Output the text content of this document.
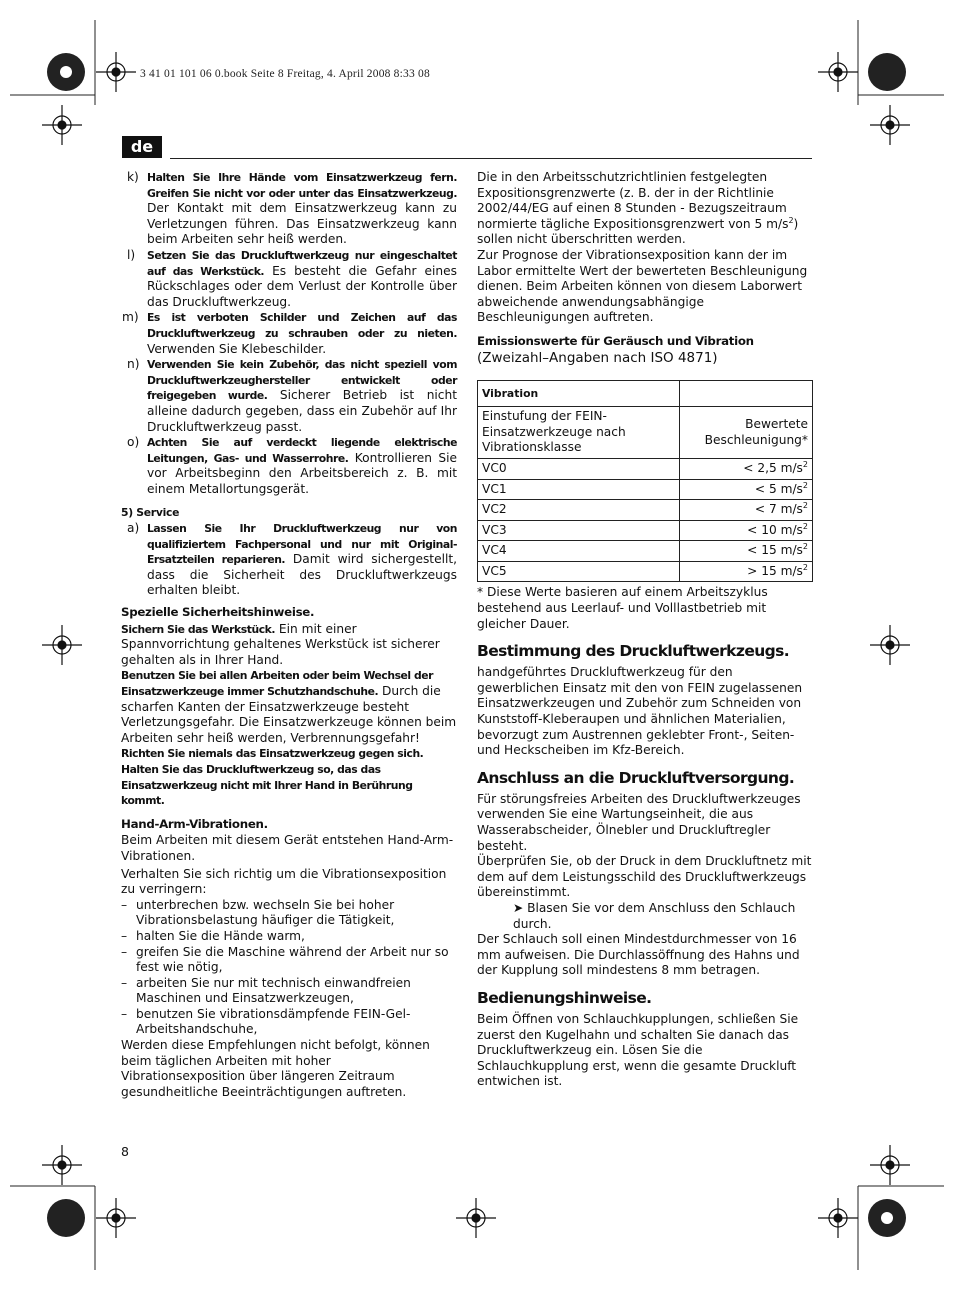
3 41 01 101 06 0.book Seite 8 Freitag, 4. April 2008 8:33 08
de
k) Halten Sie Ihre Hände vom Einsatzwerkzeug fern. Greifen Sie nicht vor oder unter das Einsatzwerkzeug. Der Kontakt mit dem Einsatzwerkzeug kann zu Verletzungen führen. Das Einsatzwerkzeug kann beim Arbeiten sehr heiß werden.
l) Setzen Sie das Druckluftwerkzeug nur eingeschaltet auf das Werkstück. Es besteht die Gefahr eines Rückschlages oder dem Verlust der Kontrolle über das Druckluftwerkzeug.
m) Es ist verboten Schilder und Zeichen auf das Druckluftwerkzeug zu schrauben oder zu nieten. Verwenden Sie Klebeschilder.
n) Verwenden Sie kein Zubehör, das nicht speziell vom Druckluftwerkzeughersteller entwickelt oder freigegeben wurde. Sicherer Betrieb ist nicht alleine dadurch gegeben, dass ein Zubehör auf Ihr Druckluftwerkzeug passt.
o) Achten Sie auf verdeckt liegende elektrische Leitungen, Gas- und Wasserrohre. Kontrollieren Sie vor Arbeitsbeginn den Arbeitsbereich z. B. mit einem Metallortungsgerät.

5) Service

a) Lassen Sie Ihr Druckluftwerkzeug nur von qualifiziertem Fachpersonal und nur mit Original-Ersatzteilen reparieren. Damit wird sichergestellt, dass die Sicherheit des Druckluftwerkzeugs erhalten bleibt.

Spezielle Sicherheitshinweise.

Sichern Sie das Werkstück. Ein mit einer Spannvorrichtung gehaltenes Werkstück ist sicherer gehalten als in Ihrer Hand.

Benutzen Sie bei allen Arbeiten oder beim Wechsel der Einsatzwerkzeuge immer Schutzhandschuhe. Durch die scharfen Kanten der Einsatzwerkzeuge besteht Verletzungsgefahr. Die Einsatzwerkzeuge können beim Arbeiten sehr heiß werden, Verbrennungsgefahr!

Richten Sie niemals das Einsatzwerkzeug gegen sich. Halten Sie das Druckluftwerkzeug so, das das Einsatzwerkzeug nicht mit Ihrer Hand in Berührung kommt.

Hand-Arm-Vibrationen.

Beim Arbeiten mit diesem Gerät entstehen Hand-Arm-Vibrationen.

Verhalten Sie sich richtig um die Vibrationsexposition zu verringern:

– unterbrechen bzw. wechseln Sie bei hoher Vibrationsbelastung häufiger die Tätigkeit,
– halten Sie die Hände warm,
– greifen Sie die Maschine während der Arbeit nur so fest wie nötig,
– arbeiten Sie nur mit technisch einwandfreien Maschinen und Einsatzwerkzeugen,
– benutzen Sie vibrationsdämpfende FEIN-Gel-Arbeitshandschuhe,

Werden diese Empfehlungen nicht befolgt, können beim täglichen Arbeiten mit hoher Vibrationsexposition über längeren Zeitraum gesundheitliche Beeinträchtigungen auftreten.

Die in den Arbeitsschutzrichtlinien festgelegten Expositionsgrenzwerte (z. B. der in der Richtlinie 2002/44/EG auf einen 8 Stunden - Bezugszeitraum normierte tägliche Expositionsgrenzwert von 5 $m/s^2$) sollen nicht überschritten werden.

Zur Prognose der Vibrationsexposition kann der im Labor ermittelte Wert der bewerteten Beschleunigung dienen. Beim Arbeiten können von diesem Laborwert abweichende anwendungsabhängige Beschleunigungen auftreten.

Emissionswerte für Geräusch und Vibration

(Zweizahl–Angaben nach ISO 4871)

Vibration	
Einstufung der FEIN-Einsatzwerkzeuge nach Vibrationsklasse	Bewertete Beschleunigung*
VC0	< 2,5 $m/s^2$
VC1	< 5 $m/s^2$
VC2	< 7 $m/s^2$
VC3	< 10 $m/s^2$
VC4	< 15 $m/s^2$
VC5	> 15 $m/s^2$

* Diese Werte basieren auf einem Arbeitszyklus bestehend aus Leerlauf- und Volllastbetrieb mit gleicher Dauer.

Bestimmung des Druckluftwerkzeugs.

handgeführtes Druckluftwerkzeug für den gewerblichen Einsatz mit den von FEIN zugelassenen Einsatzwerkzeugen und Zubehör zum Schneiden von Kunststoff-Kleberaupen und ähnlichen Materialien, bevorzugt zum Austrennen geklebter Front-, Seiten- und Heckscheiben im Kfz-Bereich.

Anschluss an die Druckluftversorgung.

Für störungsfreies Arbeiten des Druckluftwerkzeuges verwenden Sie eine Wartungseinheit, die aus Wasserabscheider, Ölnebler und Druckluftregler besteht.

Überprüfen Sie, ob der Druck in dem Druckluftnetz mit dem auf dem Leistungsschild des Druckluftwerkzeugs übereinstimmt.

➤ Blasen Sie vor dem Anschluss den Schlauch durch.

Der Schlauch soll einen Mindestdurchmesser von 16 mm aufweisen. Die Durchlassöffnung des Hahns und der Kupplung soll mindestens 8 mm betragen.

Bedienungshinweise.

Beim Öffnen von Schlauchkupplungen, schließen Sie zuerst den Kugelhahn und schalten Sie danach das Druckluftwerkzeug ein. Lösen Sie die Schlauchkupplung erst, wenn die gesamte Druckluft entwichen ist.

8
